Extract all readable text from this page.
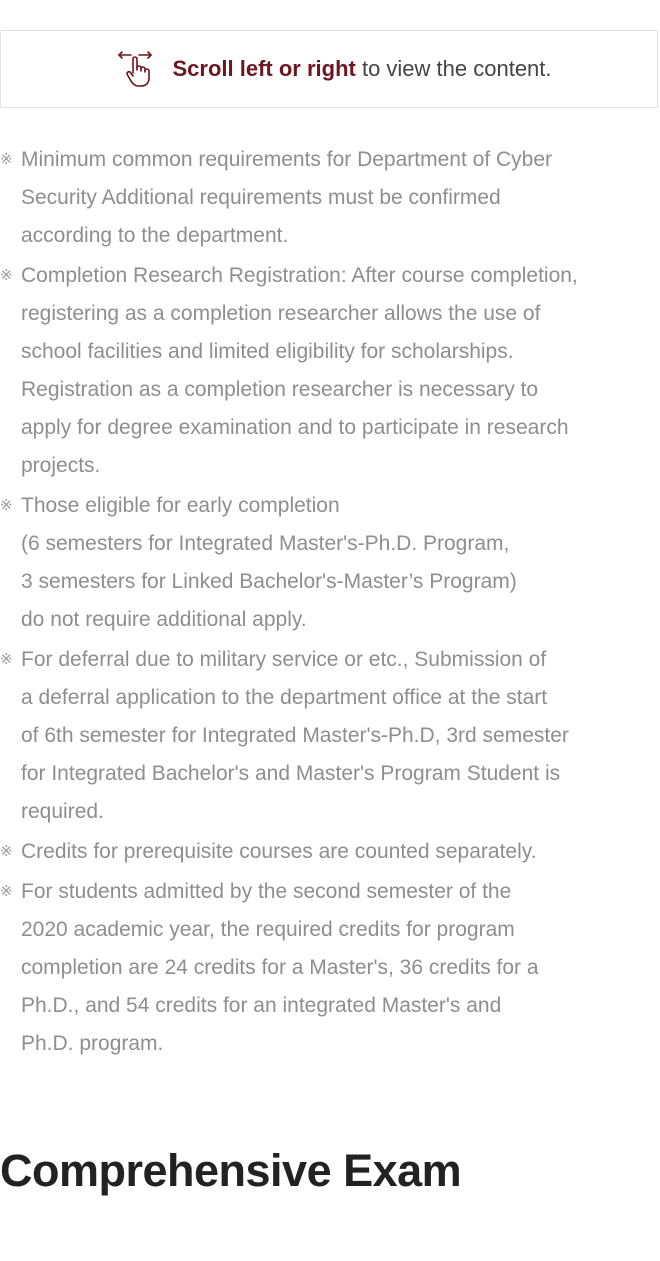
Scroll left or right to view the content.
※ Minimum common requirements for Department of Cyber
Security Additional requirements must be confirmed
according to the department.
※ Completion Research Registration: After course completion,
registering as a completion researcher allows the use of
school facilities and limited eligibility for scholarships.
Registration as a completion researcher is necessary to
apply for degree examination and to participate in research
projects.
※ Those eligible for early completion
(6 semesters for Integrated Master's-Ph.D. Program,
3 semesters for Linked Bachelor's-Master’s Program)
do not require additional apply.
※ For deferral due to military service or etc., Submission of
a deferral application to the department office at the start
of 6th semester for Integrated Master's-Ph.D, 3rd semester
for Integrated Bachelor's and Master's Program Student is
required.
※ Credits for prerequisite courses are counted separately.
※ For students admitted by the second semester of the
2020 academic year, the required credits for program
completion are 24 credits for a Master's, 36 credits for a
Ph.D., and 54 credits for an integrated Master's and
Ph.D. program.
Comprehensive Exam
